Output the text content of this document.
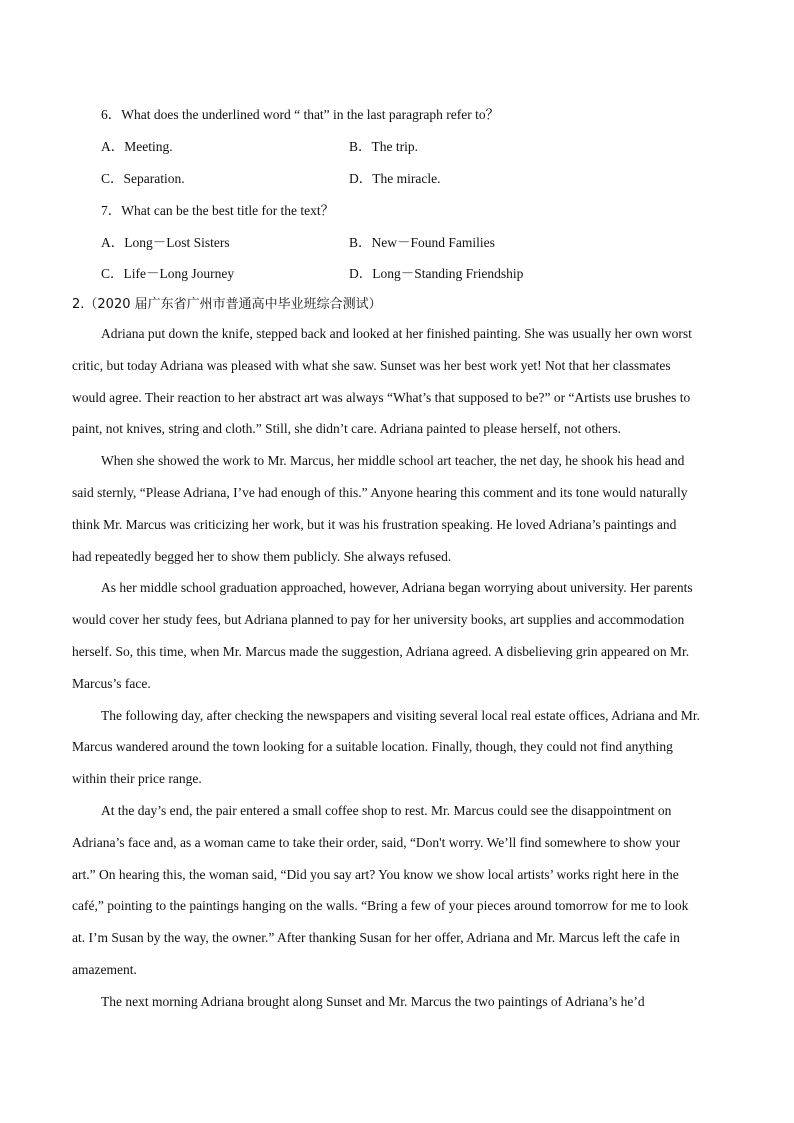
6．What does the underlined word “ that” in the last paragraph refer to？
A．Meeting.	B．The trip.
C．Separation.	D．The miracle.
7．What can be the best title for the text？
A．Long－Lost Sisters	B．New－Found Families
C．Life－Long Journey	D．Long－Standing Friendship
2.（2020 届广东省广州市普通高中毕业班综合测试）
Adriana put down the knife, stepped back and looked at her finished painting. She was usually her own worst
critic, but today Adriana was pleased with what she saw. Sunset was her best work yet! Not that her classmates
would agree. Their reaction to her abstract art was always “What’s that supposed to be?” or “Artists use brushes to
paint, not knives, string and cloth.” Still, she didn’t care. Adriana painted to please herself, not others.
When she showed the work to Mr. Marcus, her middle school art teacher, the net day, he shook his head and
said sternly, “Please Adriana, I’ve had enough of this.” Anyone hearing this comment and its tone would naturally
think Mr. Marcus was criticizing her work, but it was his frustration speaking. He loved Adriana’s paintings and
had repeatedly begged her to show them publicly. She always refused.
As her middle school graduation approached, however, Adriana began worrying about university. Her parents
would cover her study fees, but Adriana planned to pay for her university books, art supplies and accommodation
herself. So, this time, when Mr. Marcus made the suggestion, Adriana agreed. A disbelieving grin appeared on Mr.
Marcus’s face.
The following day, after checking the newspapers and visiting several local real estate offices, Adriana and Mr.
Marcus wandered around the town looking for a suitable location. Finally, though, they could not find anything
within their price range.
At the day’s end, the pair entered a small coffee shop to rest. Mr. Marcus could see the disappointment on
Adriana’s face and, as a woman came to take their order, said, “Don't worry. We’ll find somewhere to show your
art.” On hearing this, the woman said, “Did you say art? You know we show local artists’ works right here in the
café,” pointing to the paintings hanging on the walls. “Bring a few of your pieces around tomorrow for me to look
at. I’m Susan by the way, the owner.” After thanking Susan for her offer, Adriana and Mr. Marcus left the cafe in
amazement.
The next morning Adriana brought along Sunset and Mr. Marcus the two paintings of Adriana’s he’d
